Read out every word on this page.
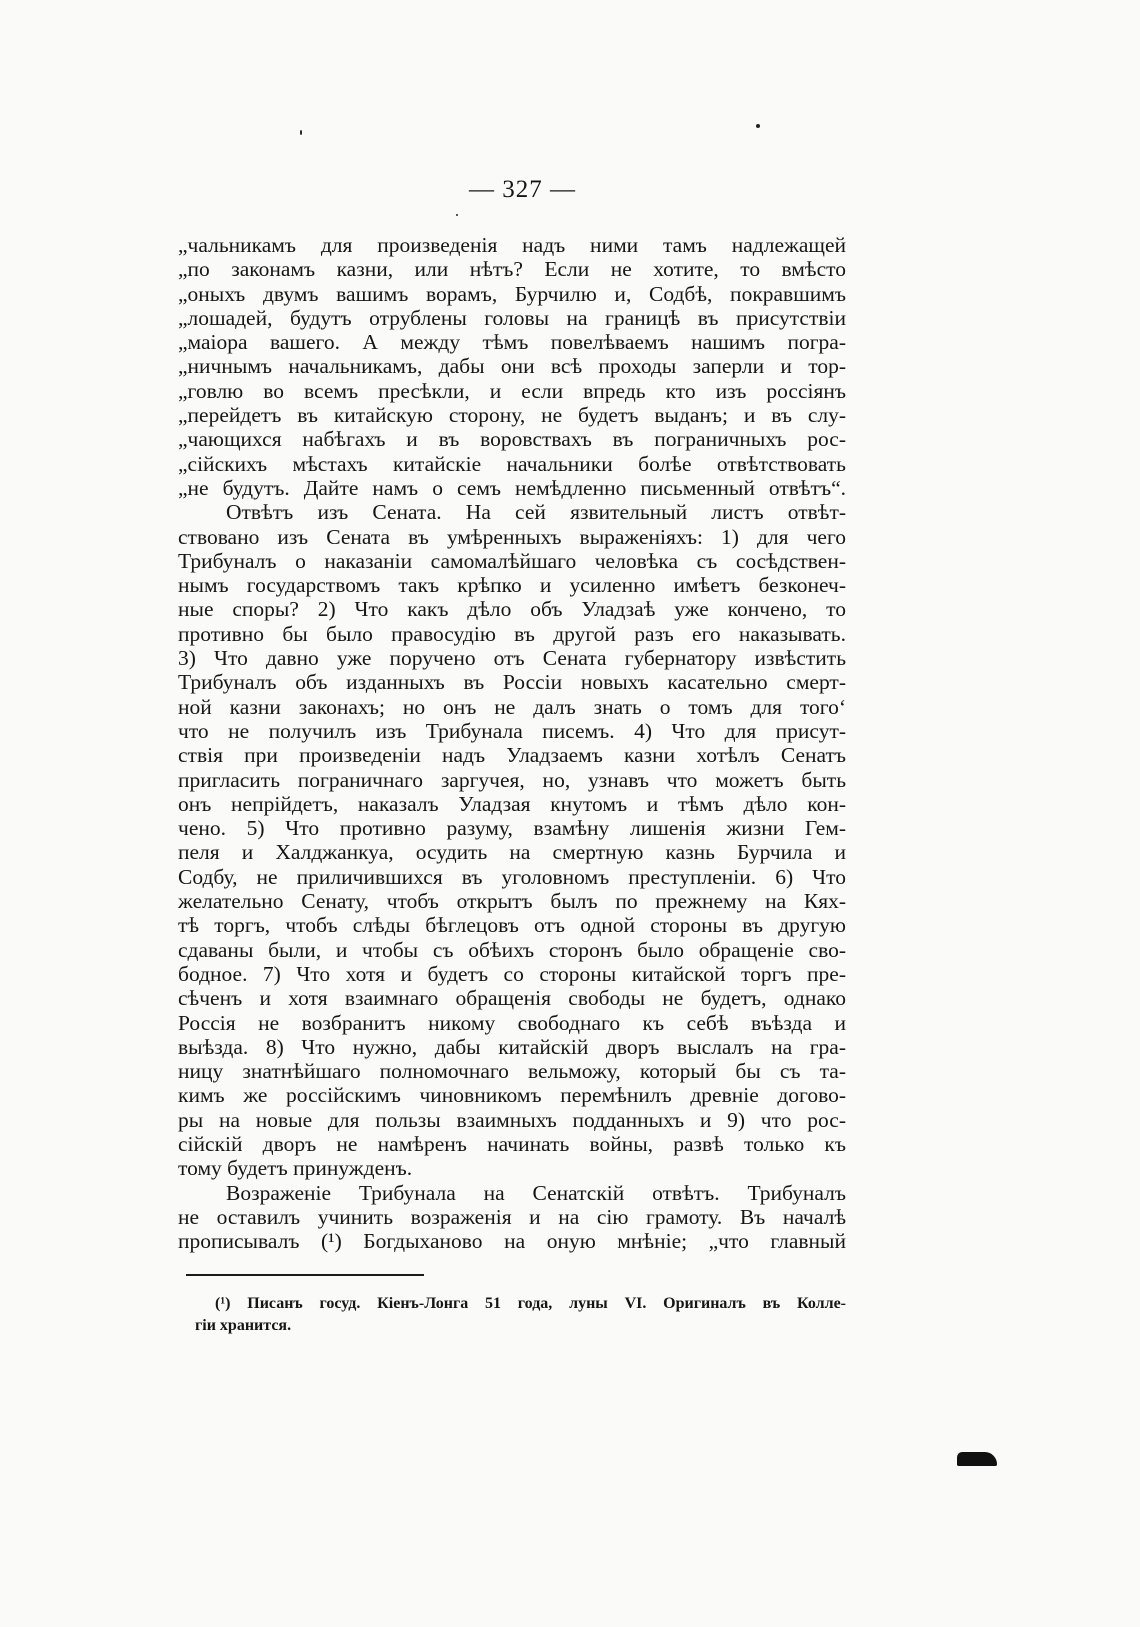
— 327 —
„чальникамъ для произведенія надъ ними тамъ надлежащей
„по законамъ казни, или нѣтъ? Если не хотите, то вмѣсто
„оныхъ двумъ вашимъ ворамъ, Бурчилю и, Содбѣ, покравшимъ
„лошадей, будутъ отрублены головы на границѣ въ присутствіи
„маіора вашего. А между тѣмъ повелѣваемъ нашимъ погра-
„ничнымъ начальникамъ, дабы они всѣ проходы заперли и тор-
„говлю во всемъ пресѣкли, и если впредь кто изъ россіянъ
„перейдетъ въ китайскую сторону, не будетъ выданъ; и въ слу-
„чающихся набѣгахъ и въ воровствахъ въ пограничныхъ рос-
„сійскихъ мѣстахъ китайскіе начальники болѣе отвѣтствовать
„не будутъ. Дайте намъ о семъ немѣдленно письменный отвѣтъ“.
Отвѣтъ изъ Сената. На сей язвительный листъ отвѣт-
ствовано изъ Сената въ умѣренныхъ выраженіяхъ: 1) для чего
Трибуналъ о наказаніи самомалѣйшаго человѣка съ сосѣдствен-
нымъ государствомъ такъ крѣпко и усиленно имѣетъ безконеч-
ные споры? 2) Что какъ дѣло объ Уладзаѣ уже кончено, то
противно бы было правосудію въ другой разъ его наказывать.
3) Что давно уже поручено отъ Сената губернатору извѣстить
Трибуналъ объ изданныхъ въ Россіи новыхъ касательно смерт-
ной казни законахъ; но онъ не далъ знать о томъ для того‘
что не получилъ изъ Трибунала писемъ. 4) Что для присут-
ствія при произведеніи надъ Уладзаемъ казни хотѣлъ Сенатъ
пригласить пограничнаго заргучея, но, узнавъ что можетъ быть
онъ непрійдетъ, наказалъ Уладзая кнутомъ и тѣмъ дѣло кон-
чено. 5) Что противно разуму, взамѣну лишенія жизни Гем-
пеля и Халджанкуа, осудить на смертную казнь Бурчила и
Содбу, не приличившихся въ уголовномъ преступленіи. 6) Что
желательно Сенату, чтобъ открытъ былъ по прежнему на Кях-
тѣ торгъ, чтобъ слѣды бѣглецовъ отъ одной стороны въ другую
сдаваны были, и чтобы съ обѣихъ сторонъ было обращеніе сво-
бодное. 7) Что хотя и будетъ со стороны китайской торгъ пре-
сѣченъ и хотя взаимнаго обращенія свободы не будетъ, однако
Россія не возбранитъ никому свободнаго къ себѣ въѣзда и
выѣзда. 8) Что нужно, дабы китайскій дворъ выслалъ на гра-
ницу знатнѣйшаго полномочнаго вельможу, который бы съ та-
кимъ же россійскимъ чиновникомъ перемѣнилъ древніе догово-
ры на новые для пользы взаимныхъ подданныхъ и 9) что рос-
сійскій дворъ не намѣренъ начинать войны, развѣ только къ
тому будетъ принужденъ.
Возраженіе Трибунала на Сенатскій отвѣтъ. Трибуналъ
не оставилъ учинить возраженія и на сію грамоту. Въ началѣ
прописывалъ (¹) Богдыханово на оную мнѣніе; „что главный
(¹) Писанъ госуд. Кіенъ-Лонга 51 года, луны VI. Оригиналъ въ Колле-
гіи хранится.
